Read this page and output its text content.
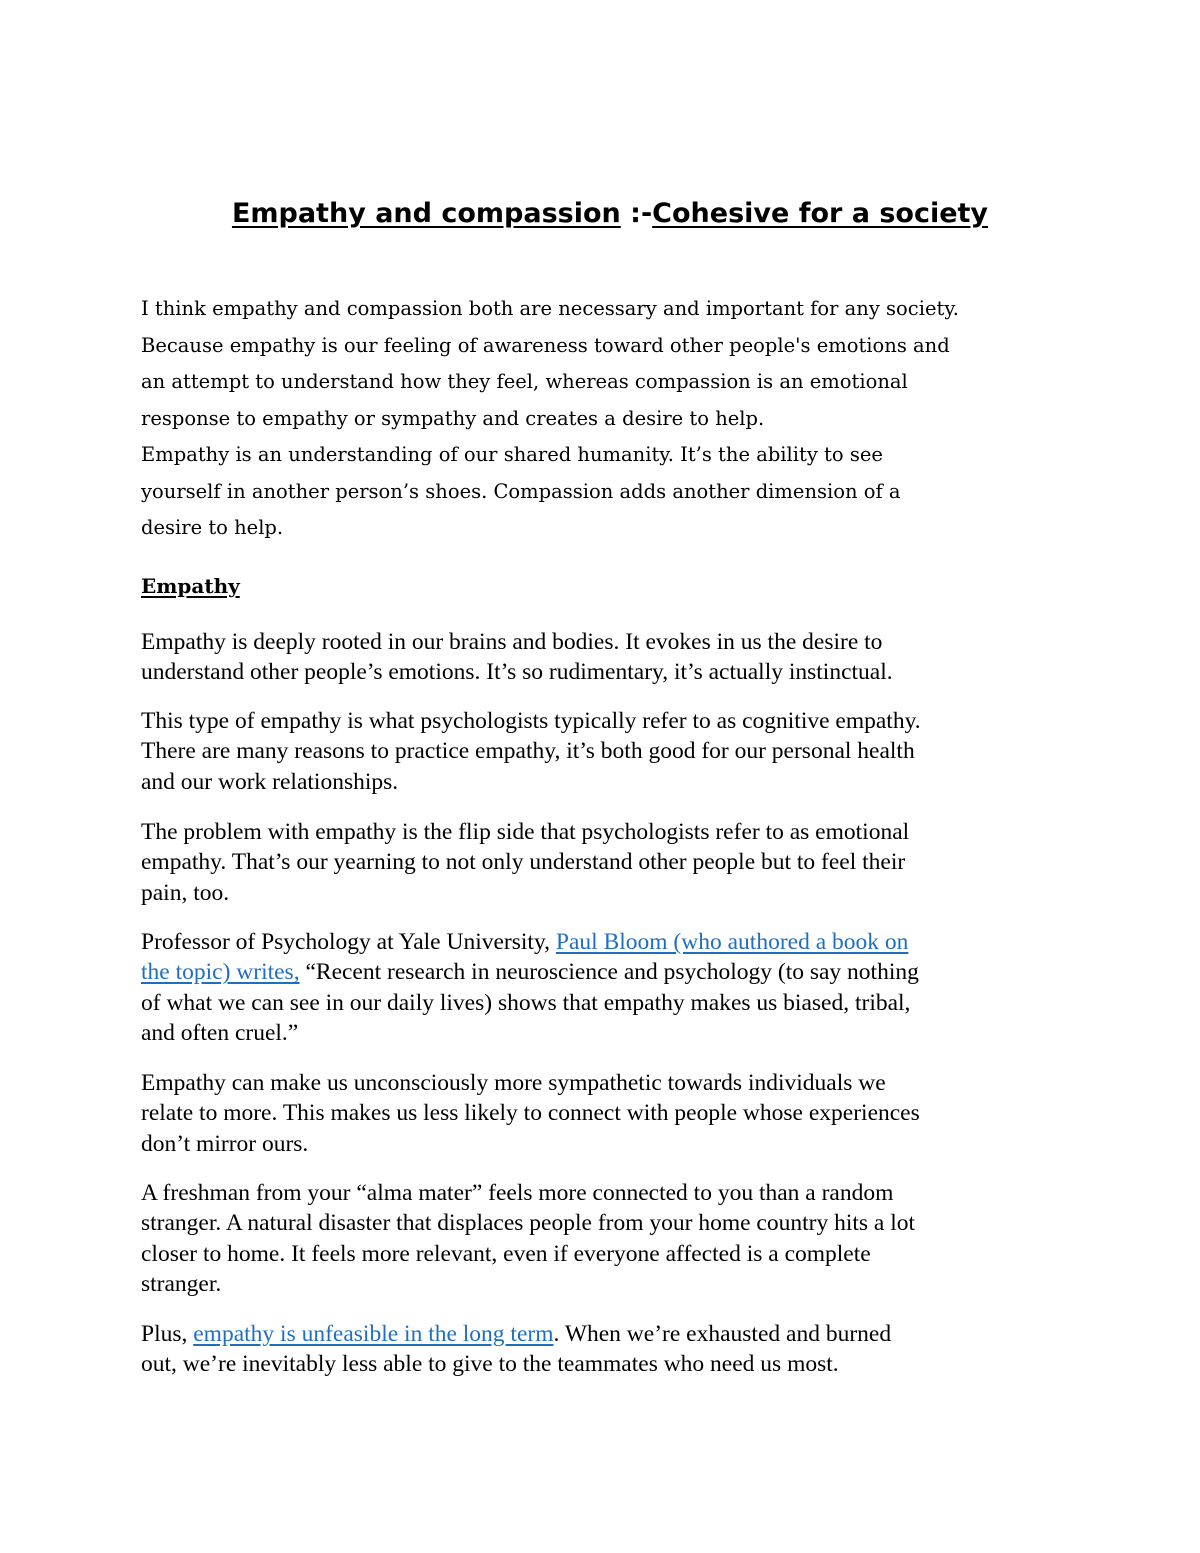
Empathy and compassion :-Cohesive for a society
I think empathy and compassion both are necessary and important for any society.
Because empathy is our feeling of awareness toward other people's emotions and
an attempt to understand how they feel, whereas compassion is an emotional
response to empathy or sympathy and creates a desire to help.
Empathy is an understanding of our shared humanity. It’s the ability to see
yourself in another person’s shoes. Compassion adds another dimension of a
desire to help.
Empathy
Empathy is deeply rooted in our brains and bodies. It evokes in us the desire to
understand other people’s emotions. It’s so rudimentary, it’s actually instinctual.
This type of empathy is what psychologists typically refer to as cognitive empathy.
There are many reasons to practice empathy, it’s both good for our personal health
and our work relationships.
The problem with empathy is the flip side that psychologists refer to as emotional
empathy. That’s our yearning to not only understand other people but to feel their
pain, too.
Professor of Psychology at Yale University, Paul Bloom (who authored a book on
the topic) writes, “Recent research in neuroscience and psychology (to say nothing
of what we can see in our daily lives) shows that empathy makes us biased, tribal,
and often cruel.”
Empathy can make us unconsciously more sympathetic towards individuals we
relate to more. This makes us less likely to connect with people whose experiences
don’t mirror ours.
A freshman from your “alma mater” feels more connected to you than a random
stranger. A natural disaster that displaces people from your home country hits a lot
closer to home. It feels more relevant, even if everyone affected is a complete
stranger.
Plus, empathy is unfeasible in the long term. When we’re exhausted and burned
out, we’re inevitably less able to give to the teammates who need us most.
